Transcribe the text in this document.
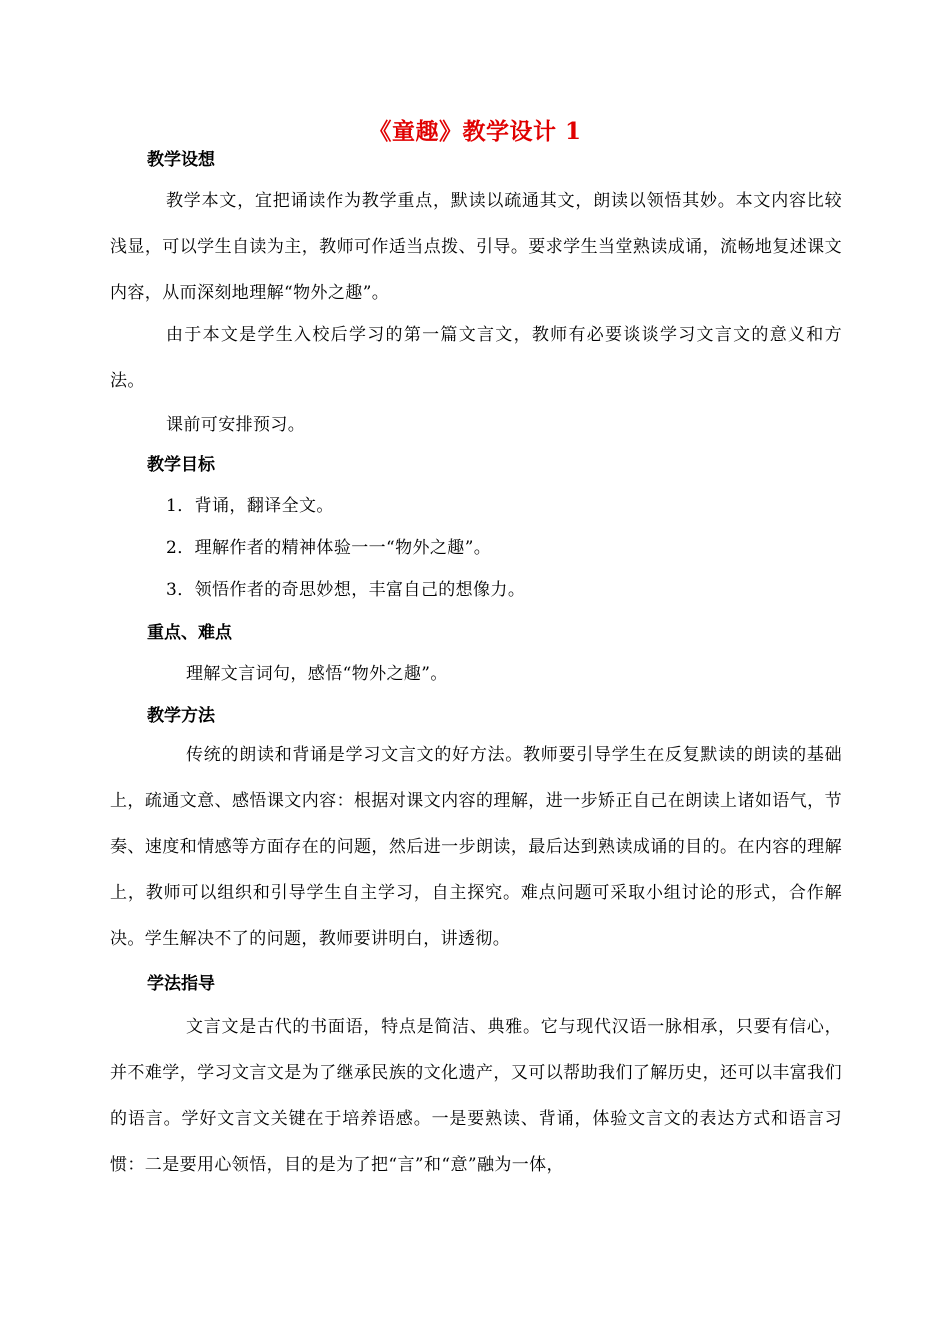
《童趣》教学设计 1
教学设想
教学本文，宜把诵读作为教学重点，默读以疏通其文，朗读以领悟其妙。本文内容比较浅显，可以学生自读为主，教师可作适当点拨、引导。要求学生当堂熟读成诵，流畅地复述课文内容，从而深刻地理解“物外之趣”。
由于本文是学生入校后学习的第一篇文言文，教师有必要谈谈学习文言文的意义和方法。
课前可安排预习。
教学目标
1．背诵，翻译全文。
2．理解作者的精神体验一一“物外之趣”。
3．领悟作者的奇思妙想，丰富自己的想像力。
重点、难点
理解文言词句，感悟“物外之趣”。
教学方法
传统的朗读和背诵是学习文言文的好方法。教师要引导学生在反复默读的朗读的基础上，疏通文意、感悟课文内容：根据对课文内容的理解，进一步矫正自己在朗读上诸如语气，节奏、速度和情感等方面存在的问题，然后进一步朗读，最后达到熟读成诵的目的。在内容的理解上，教师可以组织和引导学生自主学习，自主探究。难点问题可采取小组讨论的形式，合作解决。学生解决不了的问题，教师要讲明白，讲透彻。
学法指导
文言文是古代的书面语，特点是简洁、典雅。它与现代汉语一脉相承，只要有信心，并不难学，学习文言文是为了继承民族的文化遗产，又可以帮助我们了解历史，还可以丰富我们的语言。学好文言文关键在于培养语感。一是要熟读、背诵，体验文言文的表达方式和语言习惯：二是要用心领悟，目的是为了把“言”和“意”融为一体，
